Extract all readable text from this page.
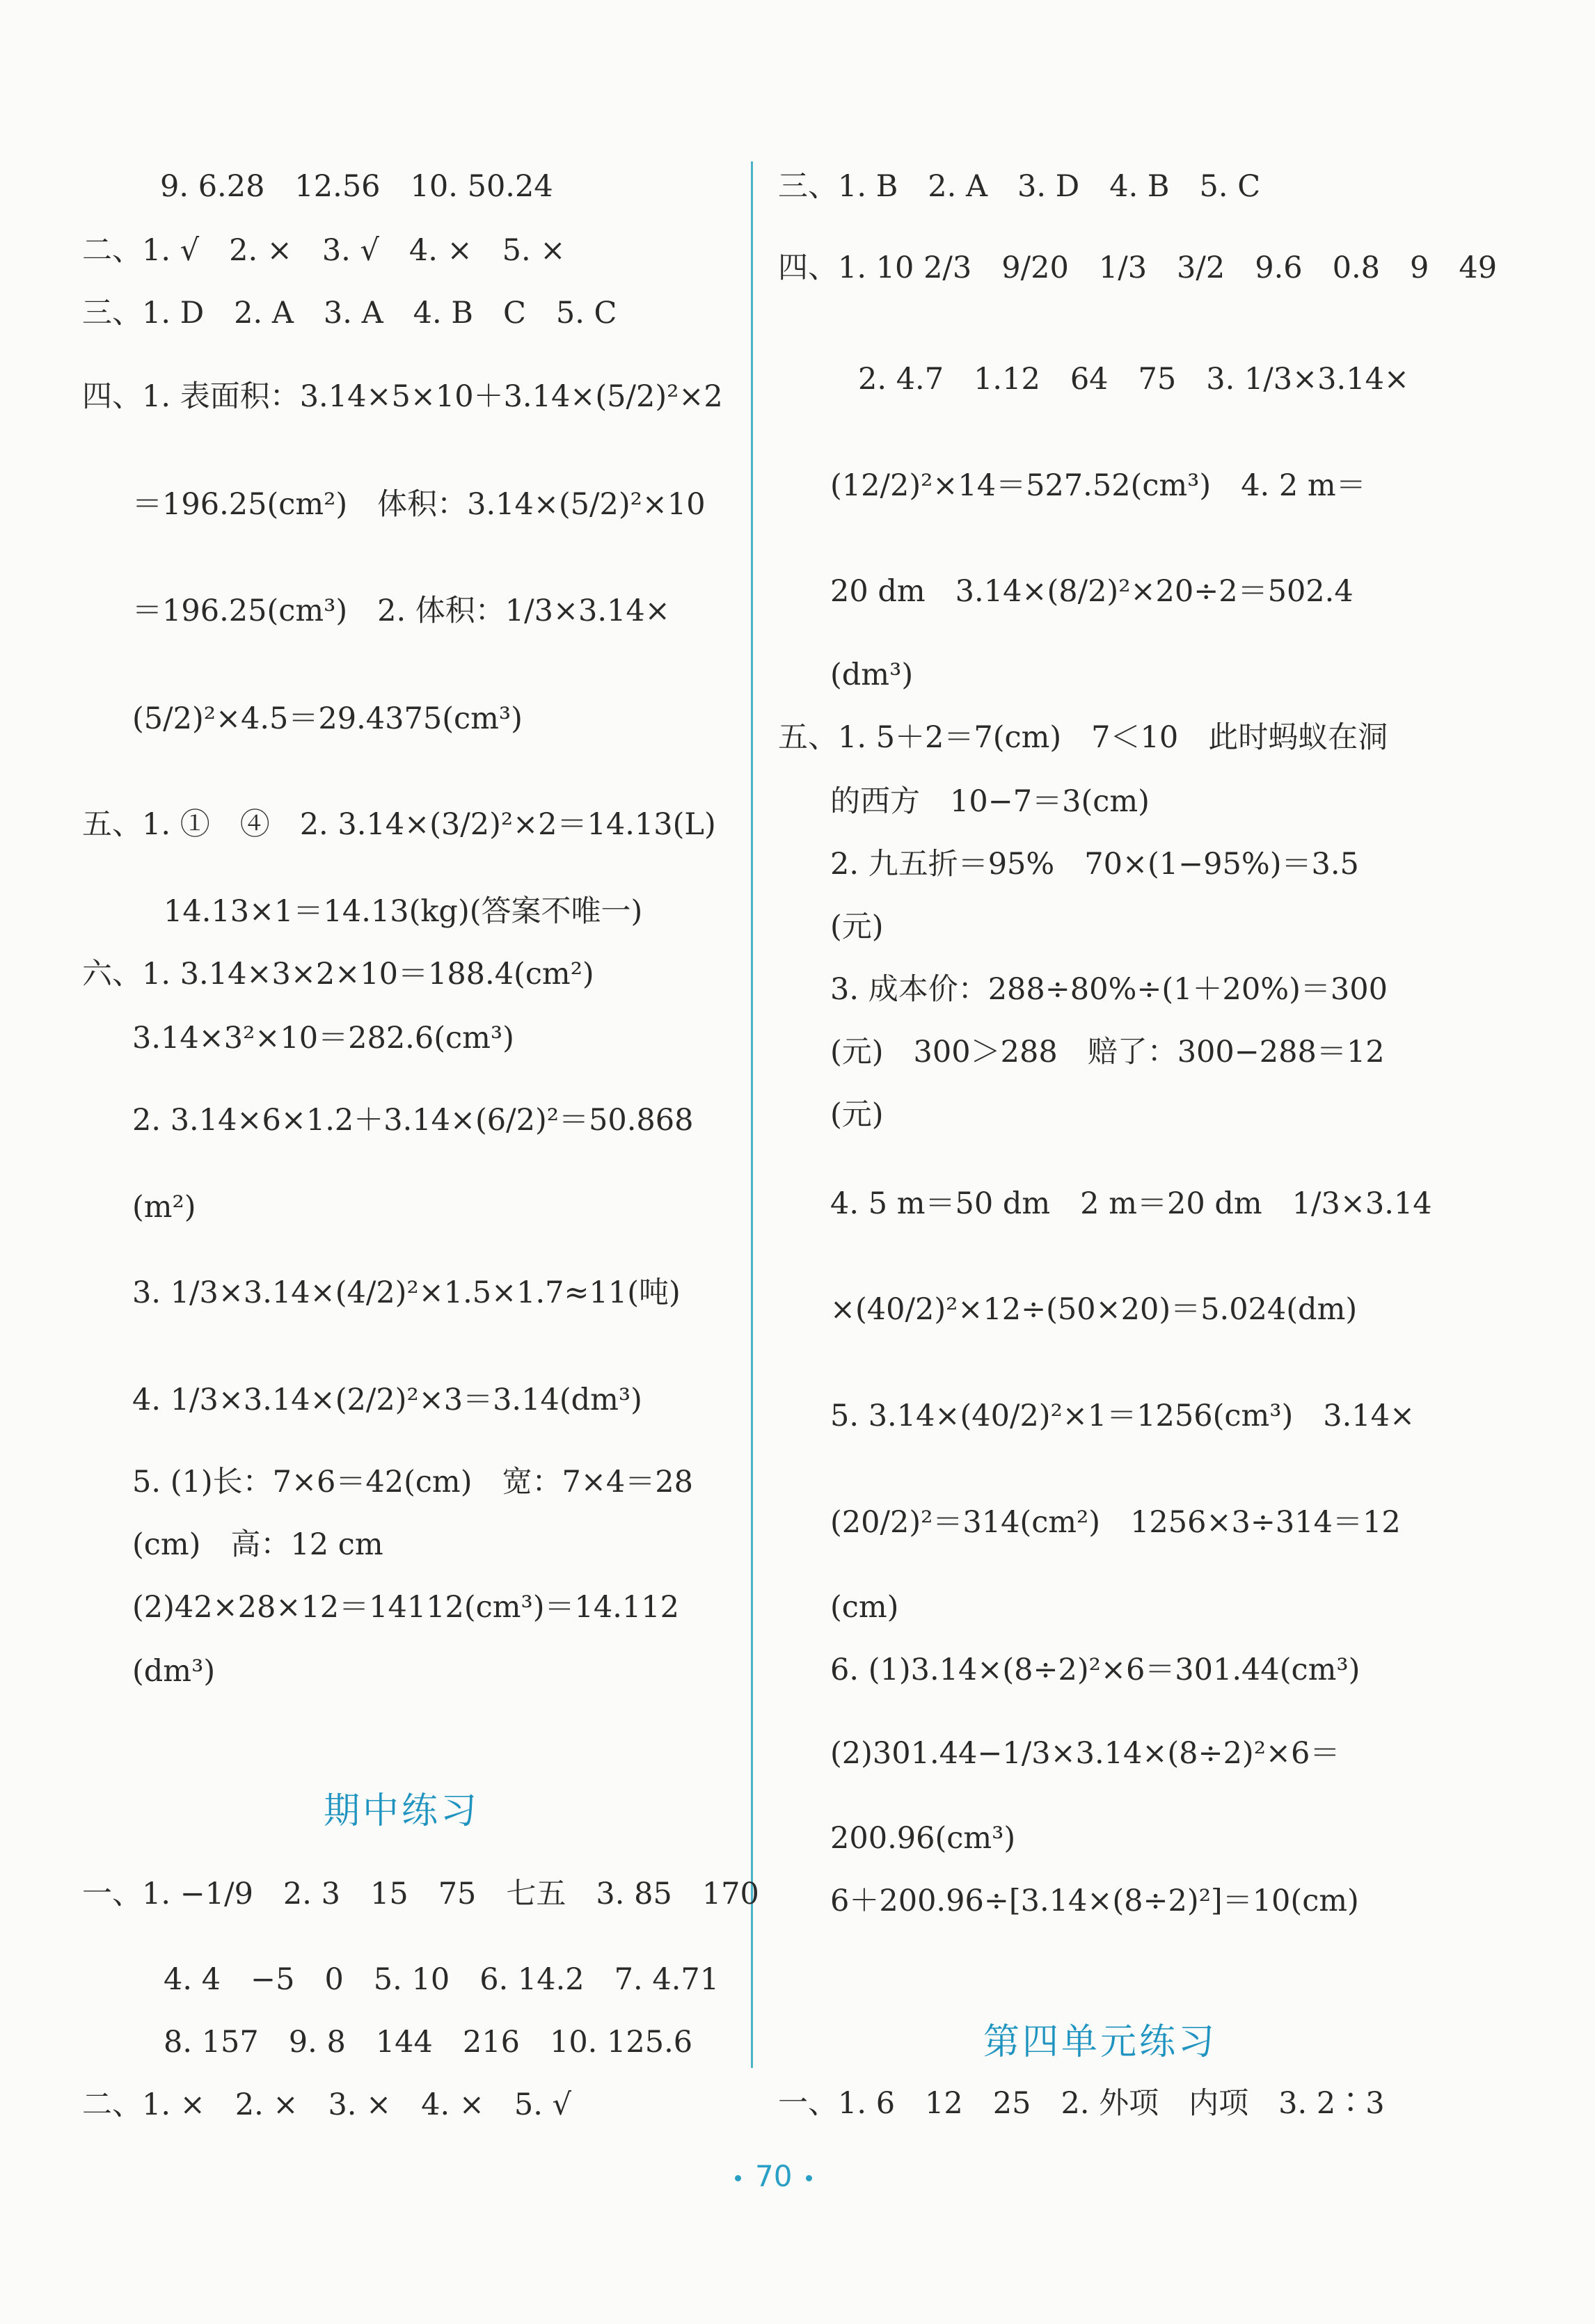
9. 6.28　12.56　10. 50.24
二、1. √　2. ×　3. √　4. ×　5. ×
三、1. D　2. A　3. A　4. B　C　5. C
四、1. 表面积：3.14×5×10＋3.14×(5/2)²×2
＝196.25(cm²)　体积：3.14×(5/2)²×10
＝196.25(cm³)　2. 体积：1/3×3.14×
(5/2)²×4.5＝29.4375(cm³)
五、1. ①　④　2. 3.14×(3/2)²×2＝14.13(L)
14.13×1＝14.13(kg)(答案不唯一)
六、1. 3.14×3×2×10＝188.4(cm²)
3.14×3²×10＝282.6(cm³)
2. 3.14×6×1.2＋3.14×(6/2)²＝50.868
(m²)
3. 1/3×3.14×(4/2)²×1.5×1.7≈11(吨)
4. 1/3×3.14×(2/2)²×3＝3.14(dm³)
5. (1)长：7×6＝42(cm)　宽：7×4＝28
(cm)　高：12 cm
(2)42×28×12＝14112(cm³)＝14.112
(dm³)
期中练习
一、1. −1/9　2. 3　15　75　七五　3. 85　170
4. 4　−5　0　5. 10　6. 14.2　7. 4.71
8. 157　9. 8　144　216　10. 125.6
二、1. ×　2. ×　3. ×　4. ×　5. √
三、1. B　2. A　3. D　4. B　5. C
四、1. 10 2/3　9/20　1/3　3/2　9.6　0.8　9　49
2. 4.7　1.12　64　75　3. 1/3×3.14×
(12/2)²×14＝527.52(cm³)　4. 2 m＝
20 dm　3.14×(8/2)²×20÷2＝502.4
(dm³)
五、1. 5＋2＝7(cm)　7＜10　此时蚂蚁在洞
的西方　10−7＝3(cm)
2. 九五折＝95%　70×(1−95%)＝3.5
(元)
3. 成本价：288÷80%÷(1＋20%)＝300
(元)　300＞288　赔了：300−288＝12
(元)
4. 5 m＝50 dm　2 m＝20 dm　1/3×3.14
×(40/2)²×12÷(50×20)＝5.024(dm)
5. 3.14×(40/2)²×1＝1256(cm³)　3.14×
(20/2)²＝314(cm²)　1256×3÷314＝12
(cm)
6. (1)3.14×(8÷2)²×6＝301.44(cm³)
(2)301.44−1/3×3.14×(8÷2)²×6＝
200.96(cm³)
6＋200.96÷[3.14×(8÷2)²]＝10(cm)
第四单元练习
一、1. 6　12　25　2. 外项　内项　3. 2∶3
70
